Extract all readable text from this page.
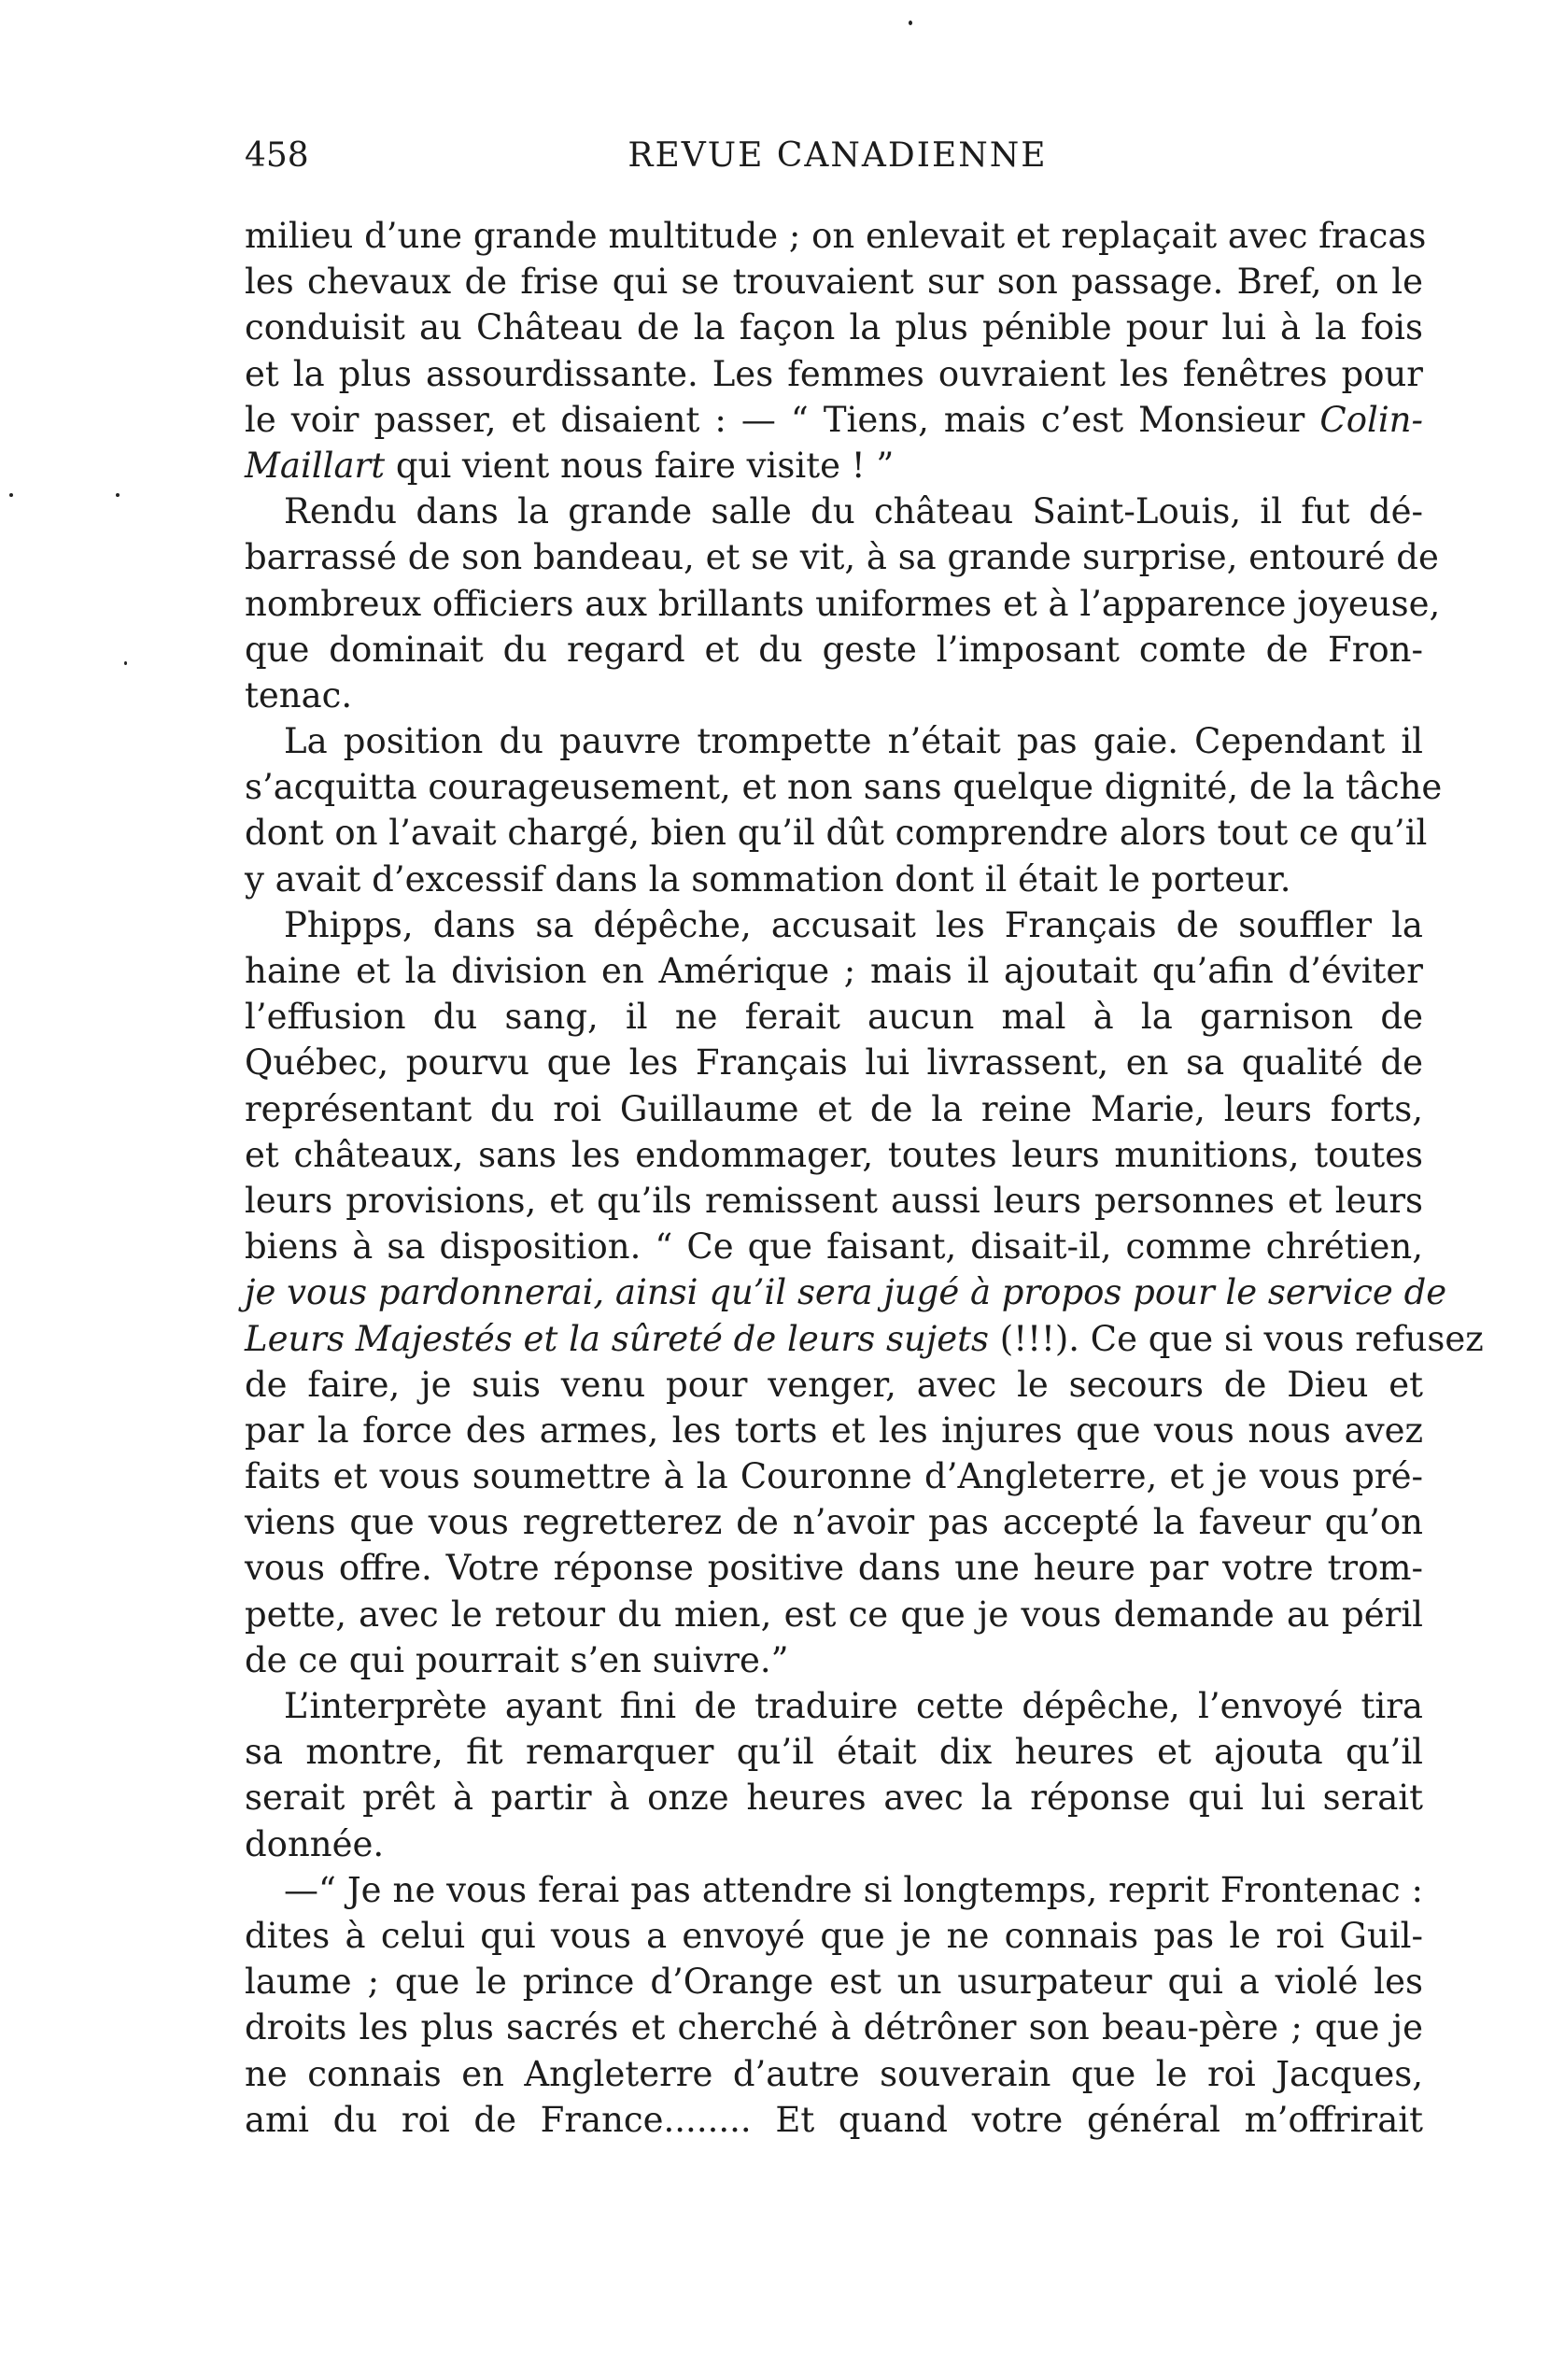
458	REVUE CANADIENNE
milieu d’une grande multitude ; on enlevait et replaçait avec fracas
les chevaux de frise qui se trouvaient sur son passage. Bref, on le
conduisit au Château de la façon la plus pénible pour lui à la fois
et la plus assourdissante. Les femmes ouvraient les fenêtres pour
le voir passer, et disaient : — “ Tiens, mais c’est Monsieur Colin-
Maillart qui vient nous faire visite ! ”
Rendu dans la grande salle du château Saint-Louis, il fut dé-
barrassé de son bandeau, et se vit, à sa grande surprise, entouré de
nombreux officiers aux brillants uniformes et à l’apparence joyeuse,
que dominait du regard et du geste l’imposant comte de Fron-
tenac.
La position du pauvre trompette n’était pas gaie. Cependant il
s’acquitta courageusement, et non sans quelque dignité, de la tâche
dont on l’avait chargé, bien qu’il dût comprendre alors tout ce qu’il
y avait d’excessif dans la sommation dont il était le porteur.
Phipps, dans sa dépêche, accusait les Français de souffler la
haine et la division en Amérique ; mais il ajoutait qu’afin d’éviter
l’effusion du sang, il ne ferait aucun mal à la garnison de
Québec, pourvu que les Français lui livrassent, en sa qualité de
représentant du roi Guillaume et de la reine Marie, leurs forts,
et châteaux, sans les endommager, toutes leurs munitions, toutes
leurs provisions, et qu’ils remissent aussi leurs personnes et leurs
biens à sa disposition. “ Ce que faisant, disait-il, comme chrétien,
je vous pardonnerai, ainsi qu’il sera jugé à propos pour le service de
Leurs Majestés et la sûreté de leurs sujets (!!!). Ce que si vous refusez
de faire, je suis venu pour venger, avec le secours de Dieu et
par la force des armes, les torts et les injures que vous nous avez
faits et vous soumettre à la Couronne d’Angleterre, et je vous pré-
viens que vous regretterez de n’avoir pas accepté la faveur qu’on
vous offre. Votre réponse positive dans une heure par votre trom-
pette, avec le retour du mien, est ce que je vous demande au péril
de ce qui pourrait s’en suivre.”
L’interprète ayant fini de traduire cette dépêche, l’envoyé tira
sa montre, fit remarquer qu’il était dix heures et ajouta qu’il
serait prêt à partir à onze heures avec la réponse qui lui serait
donnée.
—“ Je ne vous ferai pas attendre si longtemps, reprit Frontenac :
dites à celui qui vous a envoyé que je ne connais pas le roi Guil-
laume ; que le prince d’Orange est un usurpateur qui a violé les
droits les plus sacrés et cherché à détrôner son beau-père ; que je
ne connais en Angleterre d’autre souverain que le roi Jacques,
ami du roi de France........ Et quand votre général m’offrirait
